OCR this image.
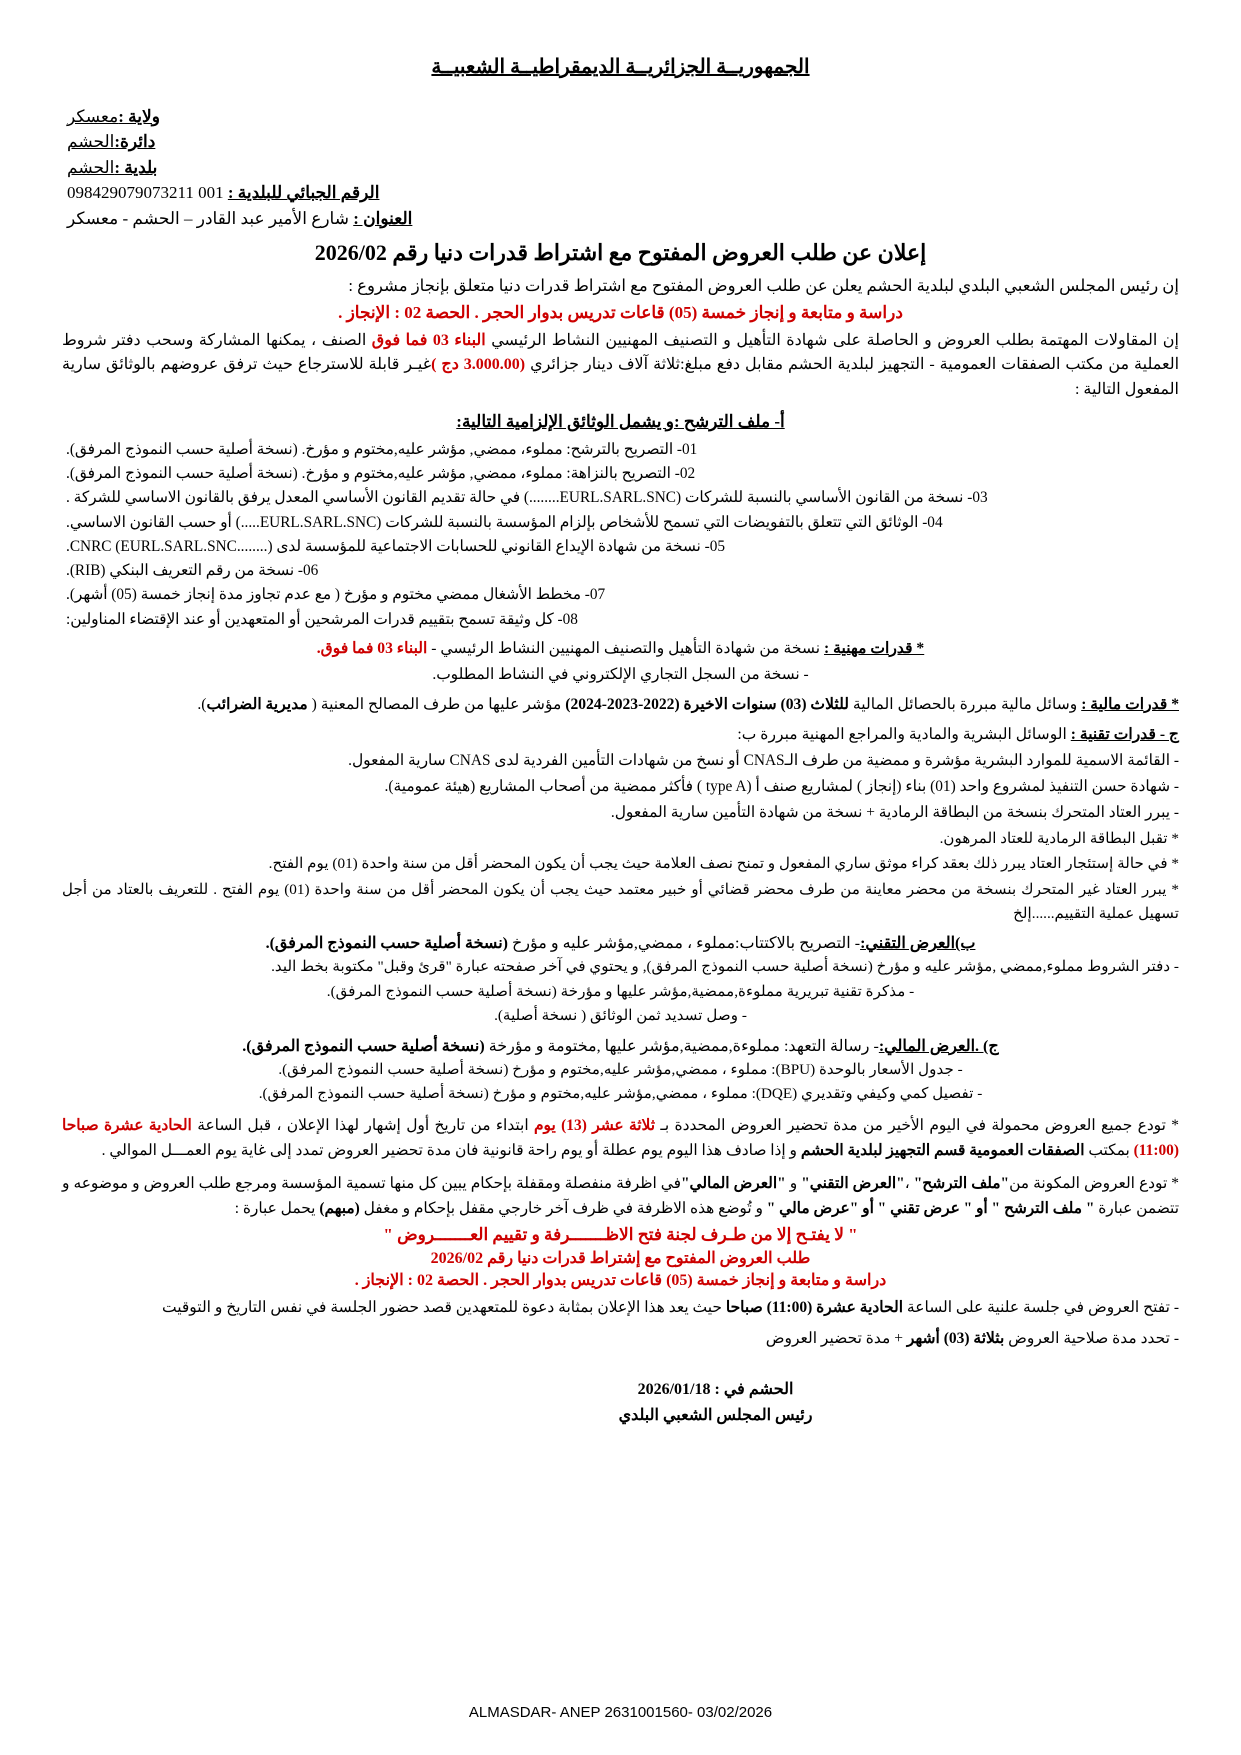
الجمهوريــة الجزائريــة الديمقراطيــة الشعبيــة
ولاية :معسكر
دائرة:الحشم
بلدية :الحشم
الرقم الجبائي للبلدية : 098429079073211 001
العنوان : شارع الأمير عبد القادر – الحشم - معسكر
إعلان عن طلب العروض المفتوح مع اشتراط قدرات دنيا رقم 2026/02
إن رئيس المجلس الشعبي البلدي لبلدية الحشم يعلن عن طلب العروض المفتوح مع اشتراط قدرات دنيا متعلق بإنجاز مشروع :
دراسة و متابعة و إنجاز خمسة (05) قاعات تدريس بدوار الحجر . الحصة 02 : الإنجاز .
إن المقاولات المهتمة بطلب العروض و الحاصلة على شهادة التأهيل و التصنيف المهنيين النشاط الرئيسي البناء 03 فما فوق الصنف ، يمكنها المشاركة وسحب دفتر شروط العملية من مكتب الصفقات العمومية - التجهيز لبلدية الحشم مقابل دفع مبلغ:ثلاثة آلاف دينار جزائري (3.000.00 دج )غيـر قابلة للاسترجاع حيث ترفق عروضهم بالوثائق سارية المفعول التالية :
أ- ملف الترشح :و يشمل الوثائق الإلزامية التالية:
01- التصريح بالترشح: مملوء، ممضي, مؤشر عليه,مختوم و مؤرخ. (نسخة أصلية حسب النموذج المرفق).
02- التصريح بالنزاهة: مملوء، ممضي, مؤشر عليه,مختوم و مؤرخ. (نسخة أصلية حسب النموذج المرفق).
03- نسخة من القانون الأساسي بالنسبة للشركات (EURL.SARL.SNC........) في حالة تقديم القانون الأساسي المعدل يرفق بالقانون الاساسي للشركة .
04- الوثائق التي تتعلق بالتفويضات التي تسمح للأشخاص بإلزام المؤسسة بالنسبة للشركات (EURL.SARL.SNC.....) أو حسب القانون الاساسي.
05- نسخة من شهادة الإيداع القانوني للحسابات الاجتماعية للمؤسسة لدى CNRC (EURL.SARL.SNC........).
06- نسخة من رقم التعريف البنكي (RIB).
07- مخطط الأشغال ممضي مختوم و مؤرخ ( مع عدم تجاوز مدة إنجاز خمسة (05) أشهر).
08- كل وثيقة تسمح بتقييم قدرات المرشحين أو المتعهدين أو عند الإقتضاء المناولين:
* قدرات مهنية : نسخة من شهادة التأهيل والتصنيف المهنيين النشاط الرئيسي - البناء 03 فما فوق.
- نسخة من السجل التجاري الإلكتروني في النشاط المطلوب.
* قدرات مالية : وسائل مالية مبررة بالحصائل المالية للثلاث (03) سنوات الاخيرة (2022-2023-2024) مؤشر عليها من طرف المصالح المعنية ( مديرية الضرائب).
ج - قدرات تقنية : الوسائل البشرية والمادية والمراجع المهنية مبررة ب:
- القائمة الاسمية للموارد البشرية مؤشرة و ممضية من طرف الـCNAS أو نسخ من شهادات التأمين الفردية لدى CNAS سارية المفعول.
- شهادة حسن التنفيذ لمشروع واحد (01) بناء (إنجاز ) لمشاريع صنف أ (type A ) فأكثر ممضية من أصحاب المشاريع (هيئة عمومية).
- يبرر العتاد المتحرك بنسخة من البطاقة الرمادية + نسخة من شهادة التأمين سارية المفعول.
* تقبل البطاقة الرمادية للعتاد المرهون.
* في حالة إستئجار العتاد يبرر ذلك بعقد كراء موثق ساري المفعول و تمنح نصف العلامة حيث يجب أن يكون المحضر أقل من سنة واحدة (01) يوم الفتح.
* يبرر العتاد غير المتحرك بنسخة من محضر معاينة من طرف محضر قضائي أو خبير معتمد حيث يجب أن يكون المحضر أقل من سنة واحدة (01) يوم الفتح . للتعريف بالعتاد من أجل تسهيل عملية التقييم......إلخ
ب)العرض التقني:- التصريح بالاكتتاب:مملوء ، ممضي,مؤشر عليه و مؤرخ (نسخة أصلية حسب النموذج المرفق).
- دفتر الشروط مملوء,ممضي ,مؤشر عليه و مؤرخ (نسخة أصلية حسب النموذج المرفق), و يحتوي في آخر صفحته عبارة "قرئ وقبل" مكتوبة بخط اليد.
- مذكرة تقنية تبريرية مملوءة,ممضية,مؤشر عليها و مؤرخة (نسخة أصلية حسب النموذج المرفق).
- وصل تسديد ثمن الوثائق ( نسخة أصلية).
ج) .العرض المالي:- رسالة التعهد: مملوءة,ممضية,مؤشر عليها ,مختومة و مؤرخة (نسخة أصلية حسب النموذج المرفق).
- جدول الأسعار بالوحدة (BPU): مملوء ، ممضي,مؤشر عليه,مختوم و مؤرخ (نسخة أصلية حسب النموذج المرفق).
- تفصيل كمي وكيفي وتقديري (DQE): مملوء ، ممضي,مؤشر عليه,مختوم و مؤرخ (نسخة أصلية حسب النموذج المرفق).
* تودع جميع العروض محمولة في اليوم الأخير من مدة تحضير العروض المحددة بـ ثلاثة عشر (13) يوم ابتداء من تاريخ أول إشهار لهذا الإعلان ، قبل الساعة الحادية عشرة صباحا (11:00) بمكتب الصفقات العمومية قسم التجهيز لبلدية الحشم و إذا صادف هذا اليوم يوم عطلة أو يوم راحة قانونية فان مدة تحضير العروض تمدد إلى غاية يوم العمـــل الموالي .
* تودع العروض المكونة من"ملف الترشح" ،"العرض التقني" و "العرض المالي"في اظرفة منفصلة ومقفلة بإحكام يبين كل منها تسمية المؤسسة ومرجع طلب العروض و موضوعه و تتضمن عبارة " ملف الترشح " أو " عرض تقني " أو "عرض مالي " و تُوضع هذه الاظرفة في ظرف آخر خارجي مقفل بإحكام و مغفل (مبهم) يحمل عبارة :
" لا يفتـح إلا من طـرف لجنة فتح الاظـــــــرفة و تقييم العـــــــروض "
طلب العروض المفتوح مع إشتراط قدرات دنيا رقم 2026/02
دراسة و متابعة و إنجاز خمسة (05) قاعات تدريس بدوار الحجر . الحصة 02 : الإنجاز .
- تفتح العروض في جلسة علنية على الساعة الحادية عشرة (11:00) صباحا حيث يعد هذا الإعلان بمثابة دعوة للمتعهدين قصد حضور الجلسة في نفس التاريخ و التوقيت
- تحدد مدة صلاحية العروض بثلاثة (03) أشهر + مدة تحضير العروض
الحشم في : 2026/01/18
رئيس المجلس الشعبي البلدي
ALMASDAR- ANEP 2631001560- 03/02/2026
